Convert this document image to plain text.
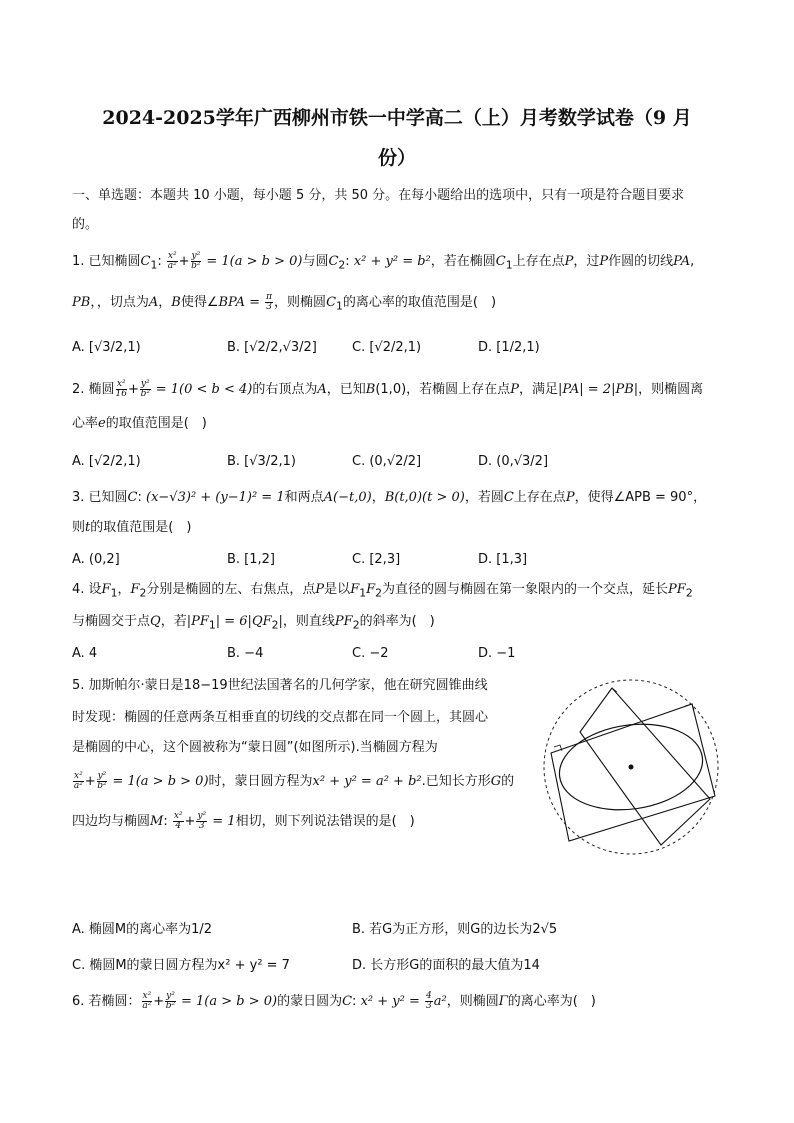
2024-2025学年广西柳州市铁一中学高二（上）月考数学试卷（9 月
份）
一、单选题：本题共 10 小题，每小题 5 分，共 50 分。在每小题给出的选项中，只有一项是符合题目要求
的。
1. 已知椭圆$C_1$: $\frac{\text{x²}}{\text{a²}} + \frac{\text{y²}}{\text{b²}} = 1(a > b > 0)$与圆$C_2$: x² + y² = b²，若在椭圆$C_1$上存在点P，过P作圆的切线PA,
PB，，切点为A，B使得∠BPA = $\frac{\pi}{3}$ ，则椭圆$C_1$的离心率的取值范围是(　)
A. [√3/2,1)	B. [√2/2,√3/2]	C. [√2/2,1)	D. [1/2,1)
2. 椭圆 $\frac{\text{x²}}{16} + \frac{\text{y²}}{\text{b²}} = 1(0 < b < 4)$的右顶点为A，已知B(1,0)，若椭圆上存在点P，满足|PA| = 2|PB|，则椭圆离
心率e的取值范围是(　)
A. [√2/2,1)	B. [√3/2,1)	C. (0,√2/2]	D. (0,√3/2]
3. 已知圆C: (x−√3)² + (y−1)² = 1和两点A(−t,0)，B(t,0)(t > 0)，若圆C上存在点P，使得∠APB = 90°，
则t的取值范围是(　)
A. (0,2]	B. [1,2]	C. [2,3]	D. [1,3]
4. 设$F_1$，$F_2$分别是椭圆的左、右焦点，点P是以$F_1F_2$为直径的圆与椭圆在第一象限内的一个交点，延长$PF_2$
与椭圆交于点Q，若$|PF_1| = 6|QF_2|$，则直线$PF_2$的斜率为(　)
A. 4	B. −4	C. −2	D. −1
5. 加斯帕尔·蒙日是18−19世纪法国著名的几何学家，他在研究圆锥曲线
时发现：椭圆的任意两条互相垂直的切线的交点都在同一个圆上，其圆心
是椭圆的中心，这个圆被称为“蒙日圆”(如图所示).当椭圆方程为
$\frac{\text{x²}}{\text{a²}} + \frac{\text{y²}}{\text{b²}} = 1(a > b > 0)$时，蒙日圆方程为x² + y² = a² + b².已知长方形G的
四边均与椭圆M: $\frac{\text{x²}}{4} + \frac{\text{y²}}{3} = 1$相切，则下列说法错误的是(　)
A. 椭圆M的离心率为1/2	B. 若G为正方形，则G的边长为2√5
C. 椭圆M的蒙日圆方程为x² + y² = 7	D. 长方形G的面积的最大值为14
6. 若椭圆： $\frac{\text{x²}}{\text{a²}} + \frac{\text{y²}}{\text{b²}} = 1(a > b > 0)$的蒙日圆为C: $x^2 + y^2 = \frac{4}{3} a^2$，则椭圆Γ的离心率为(　)
